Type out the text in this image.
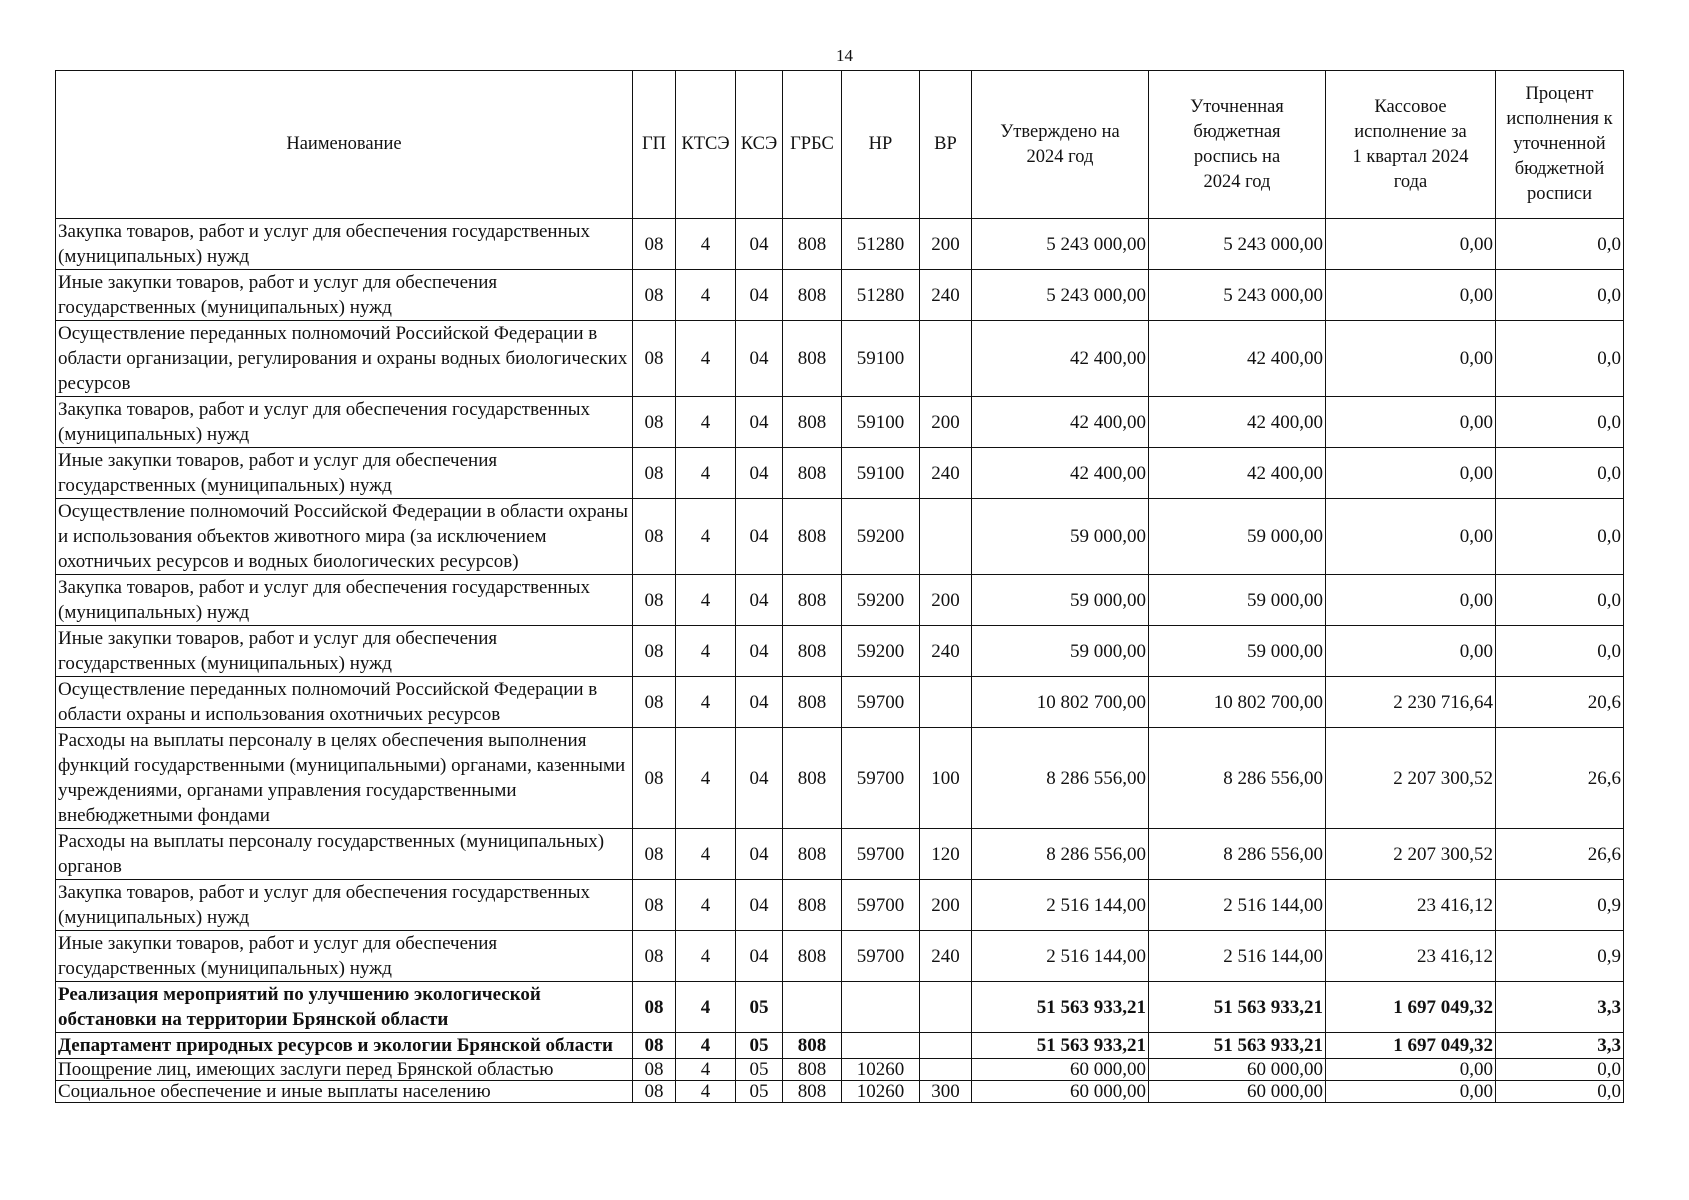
14
Наименование	ГП	КТСЭ	КСЭ	ГРБС	НР	ВР	Утверждено на 2024 год	Уточненная бюджетная роспись на 2024 год	Кассовое исполнение за 1 квартал 2024 года	Процент исполнения к уточненной бюджетной росписи
Закупка товаров, работ и услуг для обеспечения государственных (муниципальных) нужд	08	4	04	808	51280	200	5 243 000,00	5 243 000,00	0,00	0,0
Иные закупки товаров, работ и услуг для обеспечения государственных (муниципальных) нужд	08	4	04	808	51280	240	5 243 000,00	5 243 000,00	0,00	0,0
Осуществление переданных полномочий Российской Федерации в области организации, регулирования и охраны водных биологических ресурсов	08	4	04	808	59100		42 400,00	42 400,00	0,00	0,0
Закупка товаров, работ и услуг для обеспечения государственных (муниципальных) нужд	08	4	04	808	59100	200	42 400,00	42 400,00	0,00	0,0
Иные закупки товаров, работ и услуг для обеспечения государственных (муниципальных) нужд	08	4	04	808	59100	240	42 400,00	42 400,00	0,00	0,0
Осуществление полномочий Российской Федерации в области охраны и использования объектов животного мира (за исключением охотничьих ресурсов и водных биологических ресурсов)	08	4	04	808	59200		59 000,00	59 000,00	0,00	0,0
Закупка товаров, работ и услуг для обеспечения государственных (муниципальных) нужд	08	4	04	808	59200	200	59 000,00	59 000,00	0,00	0,0
Иные закупки товаров, работ и услуг для обеспечения государственных (муниципальных) нужд	08	4	04	808	59200	240	59 000,00	59 000,00	0,00	0,0
Осуществление переданных полномочий Российской Федерации в области охраны и использования охотничьих ресурсов	08	4	04	808	59700		10 802 700,00	10 802 700,00	2 230 716,64	20,6
Расходы на выплаты персоналу в целях обеспечения выполнения функций государственными (муниципальными) органами, казенными учреждениями, органами управления государственными внебюджетными фондами	08	4	04	808	59700	100	8 286 556,00	8 286 556,00	2 207 300,52	26,6
Расходы на выплаты персоналу государственных (муниципальных) органов	08	4	04	808	59700	120	8 286 556,00	8 286 556,00	2 207 300,52	26,6
Закупка товаров, работ и услуг для обеспечения государственных (муниципальных) нужд	08	4	04	808	59700	200	2 516 144,00	2 516 144,00	23 416,12	0,9
Иные закупки товаров, работ и услуг для обеспечения государственных (муниципальных) нужд	08	4	04	808	59700	240	2 516 144,00	2 516 144,00	23 416,12	0,9
Реализация мероприятий по улучшению экологической обстановки на территории Брянской области	08	4	05				51 563 933,21	51 563 933,21	1 697 049,32	3,3
Департамент природных ресурсов и экологии Брянской области	08	4	05	808			51 563 933,21	51 563 933,21	1 697 049,32	3,3
Поощрение лиц, имеющих заслуги перед Брянской областью	08	4	05	808	10260		60 000,00	60 000,00	0,00	0,0
Социальное обеспечение и иные выплаты населению	08	4	05	808	10260	300	60 000,00	60 000,00	0,00	0,0
